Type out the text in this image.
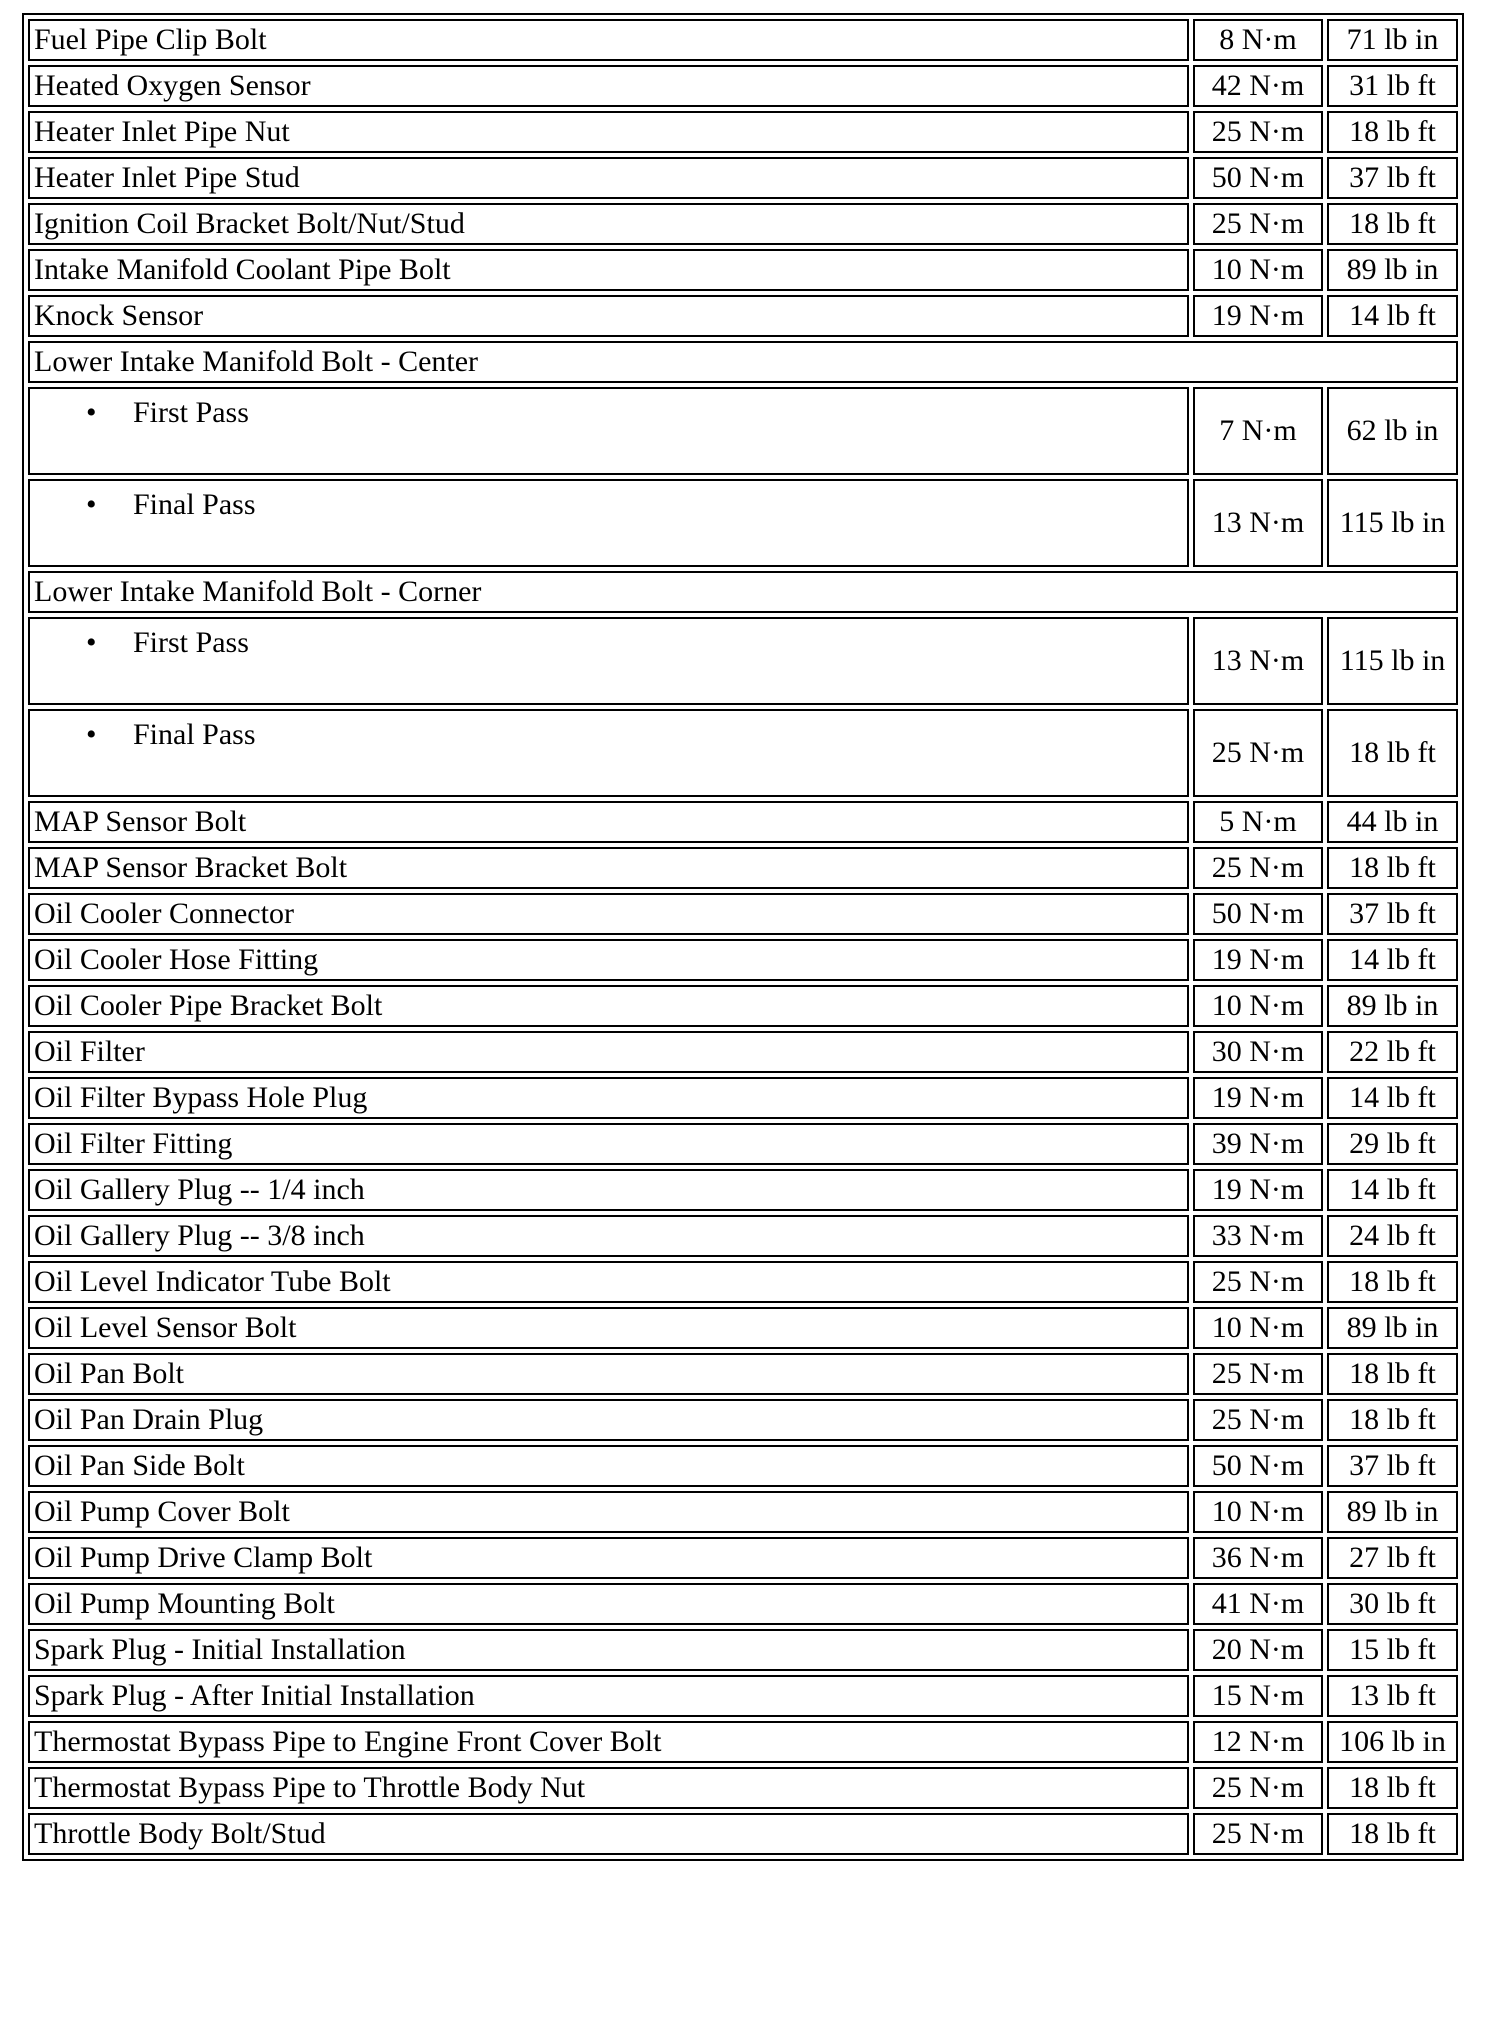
Fuel Pipe Clip Bolt	8 N·m	71 lb in
Heated Oxygen Sensor	42 N·m	31 lb ft
Heater Inlet Pipe Nut	25 N·m	18 lb ft
Heater Inlet Pipe Stud	50 N·m	37 lb ft
Ignition Coil Bracket Bolt/Nut/Stud	25 N·m	18 lb ft
Intake Manifold Coolant Pipe Bolt	10 N·m	89 lb in
Knock Sensor	19 N·m	14 lb ft
Lower Intake Manifold Bolt - Center		

• First Pass	7 N·m	62 lb in

• Final Pass	13 N·m	115 lb in
Lower Intake Manifold Bolt - Corner		

• First Pass	13 N·m	115 lb in

• Final Pass	25 N·m	18 lb ft
MAP Sensor Bolt	5 N·m	44 lb in
MAP Sensor Bracket Bolt	25 N·m	18 lb ft
Oil Cooler Connector	50 N·m	37 lb ft
Oil Cooler Hose Fitting	19 N·m	14 lb ft
Oil Cooler Pipe Bracket Bolt	10 N·m	89 lb in
Oil Filter	30 N·m	22 lb ft
Oil Filter Bypass Hole Plug	19 N·m	14 lb ft
Oil Filter Fitting	39 N·m	29 lb ft
Oil Gallery Plug -- 1/4 inch	19 N·m	14 lb ft
Oil Gallery Plug -- 3/8 inch	33 N·m	24 lb ft
Oil Level Indicator Tube Bolt	25 N·m	18 lb ft
Oil Level Sensor Bolt	10 N·m	89 lb in
Oil Pan Bolt	25 N·m	18 lb ft
Oil Pan Drain Plug	25 N·m	18 lb ft
Oil Pan Side Bolt	50 N·m	37 lb ft
Oil Pump Cover Bolt	10 N·m	89 lb in
Oil Pump Drive Clamp Bolt	36 N·m	27 lb ft
Oil Pump Mounting Bolt	41 N·m	30 lb ft
Spark Plug - Initial Installation	20 N·m	15 lb ft
Spark Plug - After Initial Installation	15 N·m	13 lb ft
Thermostat Bypass Pipe to Engine Front Cover Bolt	12 N·m	106 lb in
Thermostat Bypass Pipe to Throttle Body Nut	25 N·m	18 lb ft
Throttle Body Bolt/Stud	25 N·m	18 lb ft
